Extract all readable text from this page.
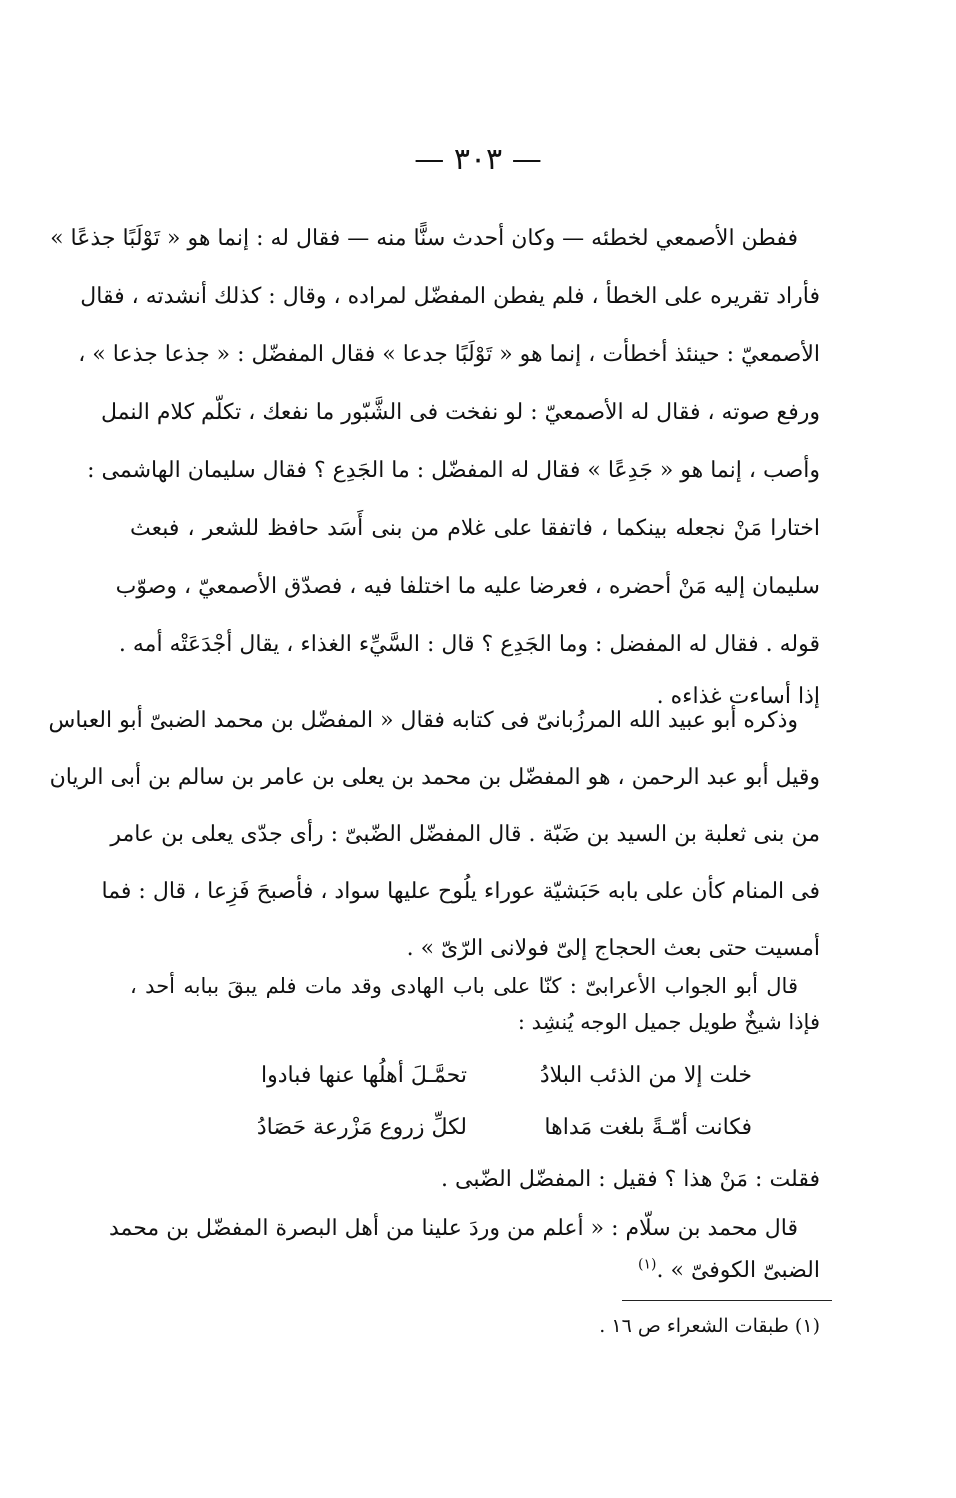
— ٣٠٣ —
ففطن الأصمعي لخطئه — وكان أحدث سنًّا منه — فقال له : إنما هو « تَوْلَبًا جذعًا »
فأراد تقريره على الخطأ ، فلم يفطن المفضّل لمراده ، وقال : كذلك أنشدته ، فقال
الأصمعيّ : حينئذ أخطأت ، إنما هو « تَوْلَبًا جدعا » فقال المفضّل : « جذعا جذعا » ،
ورفع صوته ، فقال له الأصمعيّ : لو نفخت فى الشَّبّور ما نفعك ، تكلّم كلام النمل
وأصب ، إنما هو « جَدِعًا » فقال له المفضّل : ما الجَدِع ؟ فقال سليمان الهاشمى :
اختارا مَنْ نجعله بينكما ، فاتفقا على غلام من بنى أَسَد حافظ للشعر ، فبعث
سليمان إليه مَنْ أحضره ، فعرضا عليه ما اختلفا فيه ، فصدّق الأصمعيّ ، وصوّب
قوله . فقال له المفضل : وما الجَدِع ؟ قال : السَّيِّء الغذاء ، يقال أجْدَعَتْه أمه .
إذا أساءت غذاءه .
وذكره أبو عبيد الله المرزُبانىّ فى كتابه فقال « المفضّل بن محمد الضبىّ أبو العباس
وقيل أبو عبد الرحمن ، هو المفضّل بن محمد بن يعلى بن عامر بن سالم بن أبى الريان
من بنى ثعلبة بن السيد بن ضَبّة . قال المفضّل الضّبىّ : رأى جدّى يعلى بن عامر
فى المنام كأن على بابه حَبَشيّة عوراء يلُوح عليها سواد ، فأصبحَ فَزِعا ، قال : فما
أمسيت حتى بعث الحجاج إلىّ فولانى الرّىّ » .
قال أبو الجواب الأعرابىّ : كنّا على باب الهادى وقد مات فلم يبقَ ببابه أحد ،
فإذا شيخٌ طويل جميل الوجه يُنشِد :
خلت إلا من الذئب البلادُ
تحمَّـلَ أهلُها عنها فبادوا
فكانت أمّـةً بلغت مَداها
لكلِّ زروع مَزْرعة حَصَادُ
فقلت : مَنْ هذا ؟ فقيل : المفضّل الضّبى .
قال محمد بن سلّام : « أعلم من وردَ علينا من أهل البصرة المفضّل بن محمد
الضبىّ الكوفىّ » .$^{(١)}$
(١) طبقات الشعراء ص ١٦ .
